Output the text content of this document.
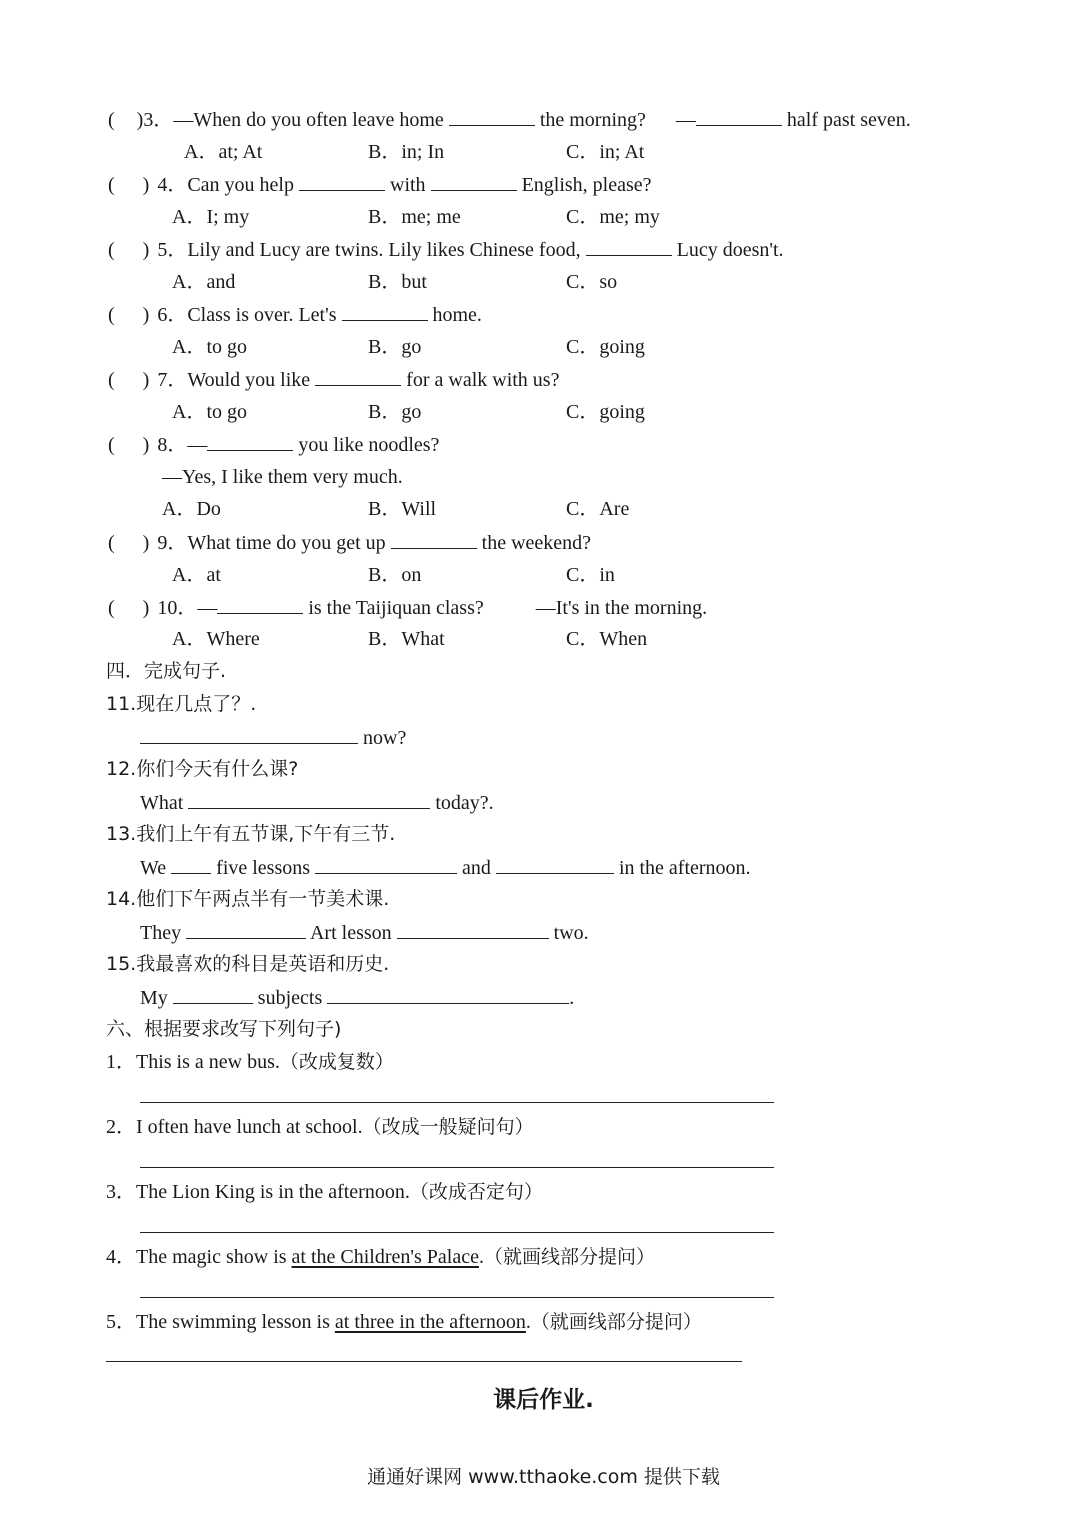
( )3．—When do you often leave home	the morning? —	half past seven.
A．at; At	B．in; In	C．in; At
( ) 4．Can you help	with	English, please?
A．I; my	B．me; me	C．me; my
( ) 5．Lily and Lucy are twins. Lily likes Chinese food,	Lucy doesn't.
A．and	B．but	C．so
( ) 6．Class is over. Let's	home.
A．to go	B．go	C．going
( ) 7．Would you like	for a walk with us?
A．to go	B．go	C．going
( ) 8．—	you like noodles?
—Yes, I like them very much.
A．Do	B．Will	C．Are
( ) 9．What time do you get up	the weekend?
A．at	B．on	C．in
( ) 10．—	is the Taijiquan class?	—It's in the morning.
A．Where	B．What	C．When
四．完成句子.
11.现在几点了？.
now?
12.你们今天有什么课?
What	today?.
13.我们上午有五节课,下午有三节.
We  five lessons	and	in the afternoon.
14.他们下午两点半有一节美术课.
They	Art lesson	two.
15.我最喜欢的科目是英语和历史.
My	subjects	.
六、根据要求改写下列句子)
1．This is a new bus.（改成复数）
2．I often have lunch at school.（改成一般疑问句）
3．The Lion King is in the afternoon.（改成否定句）
4．The magic show is at the Children's Palace.（就画线部分提问）
5．The swimming lesson is at three in the afternoon.（就画线部分提问）
课后作业.
通通好课网 www.tthaoke.com 提供下载
